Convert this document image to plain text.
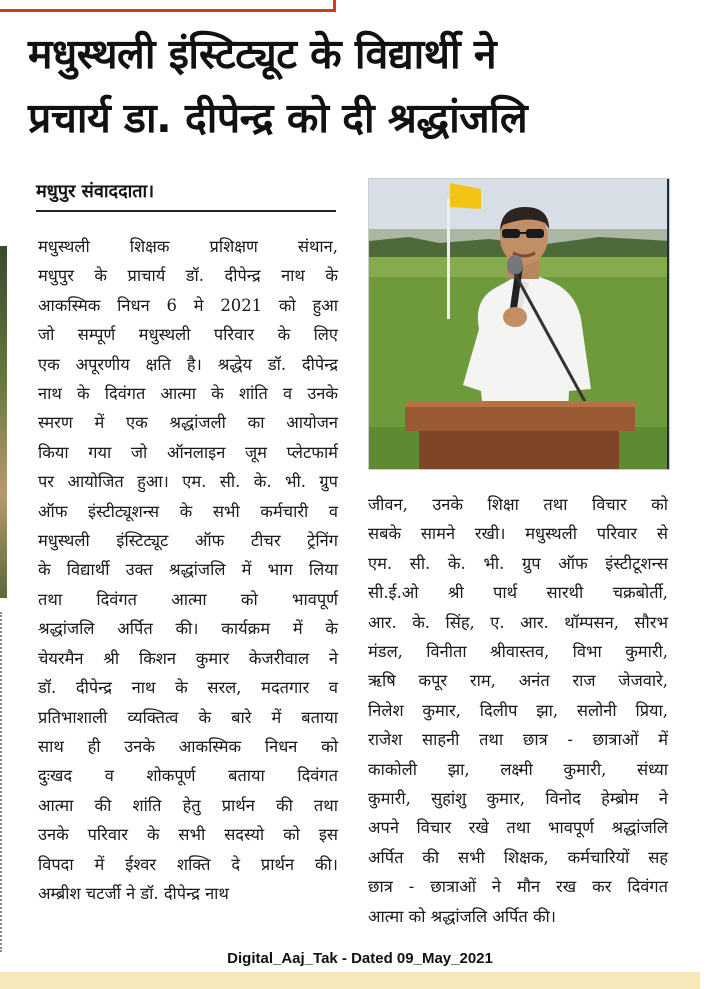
मधुस्थली इंस्टिट्यूट के विद्यार्थी ने
प्रचार्य डा. दीपेन्द्र को दी श्रद्धांजलि

मधुपुर संवाददाता।

मधुस्थली शिक्षक प्रशिक्षण संथान,
मधुपुर के प्राचार्य डॉ. दीपेन्द्र नाथ के
आकस्मिक निधन 6 मे 2021 को हुआ
जो सम्पूर्ण मधुस्थली परिवार के लिए
एक अपूरणीय क्षति है। श्रद्धेय डॉ. दीपेन्द्र
नाथ के दिवंगत आत्मा के शांति व उनके
स्मरण में एक श्रद्धांजली का आयोजन
किया गया जो ऑनलाइन जूम प्लेटफार्म
पर आयोजित हुआ। एम. सी. के. भी. ग्रुप
ऑफ इंस्टीट्यूशन्स के सभी कर्मचारी व
मधुस्थली इंस्टिट्यूट ऑफ टीचर ट्रेनिंग
के विद्यार्थी उक्त श्रद्धांजलि में भाग लिया
तथा दिवंगत आत्मा को भावपूर्ण
श्रद्धांजलि अर्पित की। कार्यक्रम में के
चेयरमैन श्री किशन कुमार केजरीवाल ने
डॉ. दीपेन्द्र नाथ के सरल, मदतगार व
प्रतिभाशाली व्यक्तित्व के बारे में बताया
साथ ही उनके आकस्मिक निधन को
दुःखद व शोकपूर्ण बताया दिवंगत
आत्मा की शांति हेतु प्रार्थन की तथा
उनके परिवार के सभी सदस्यो को इस
विपदा में ईश्वर शक्ति दे प्रार्थन की।
अम्ब्रीश चटर्जी ने डॉ. दीपेन्द्र नाथ

जीवन, उनके शिक्षा तथा विचार को
सबके सामने रखी। मधुस्थली परिवार से
एम. सी. के. भी. ग्रुप ऑफ इंस्टीटूशन्स
सी.ई.ओ श्री पार्थ सारथी चक्रबोर्ती,
आर. के. सिंह, ए. आर. थॉम्पसन, सौरभ
मंडल, विनीता श्रीवास्तव, विभा कुमारी,
ऋषि कपूर राम, अनंत राज जेजवारे,
निलेश कुमार, दिलीप झा, सलोनी प्रिया,
राजेश साहनी तथा छात्र - छात्राओं में
काकोली झा, लक्ष्मी कुमारी, संध्या
कुमारी, सुहांशु कुमार, विनोद हेम्ब्रोम ने
अपने विचार रखे तथा भावपूर्ण श्रद्धांजलि
अर्पित की सभी शिक्षक, कर्मचारियों सह
छात्र - छात्राओं ने मौन रख कर दिवंगत
आत्मा को श्रद्धांजलि अर्पित की।

Digital_Aaj_Tak - Dated 09_May_2021
